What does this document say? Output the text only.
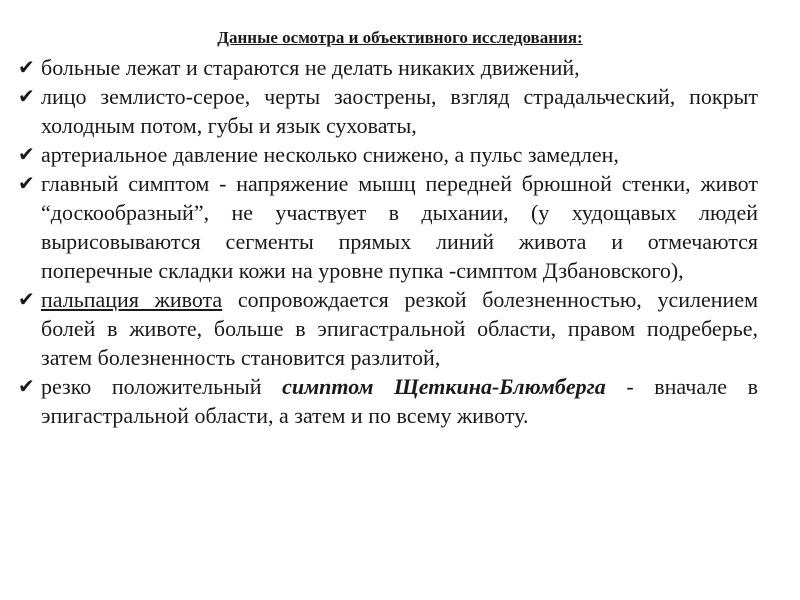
Данные осмотра и объективного исследования:
✔ больные лежат и стараются не делать никаких движений,
✔ лицо землисто-серое, черты заострены, взгляд страдальческий, покрыт холодным потом, губы и язык суховаты,
✔ артериальное давление несколько снижено, а пульс замедлен,
✔ главный симптом - напряжение мышц передней брюшной стенки, живот “доскообразный”, не участвует в дыхании, (у худощавых людей вырисовываются сегменты прямых линий живота и отмечаются поперечные складки кожи на уровне пупка -симптом Дзбановского),
✔ пальпация живота сопровождается резкой болезненностью, усилением болей в животе, больше в эпигастральной области, правом подреберье, затем болезненность становится разлитой,
✔ резко положительный симптом Щеткина-Блюмберга - вначале в эпигастральной области, а затем и по всему животу.
